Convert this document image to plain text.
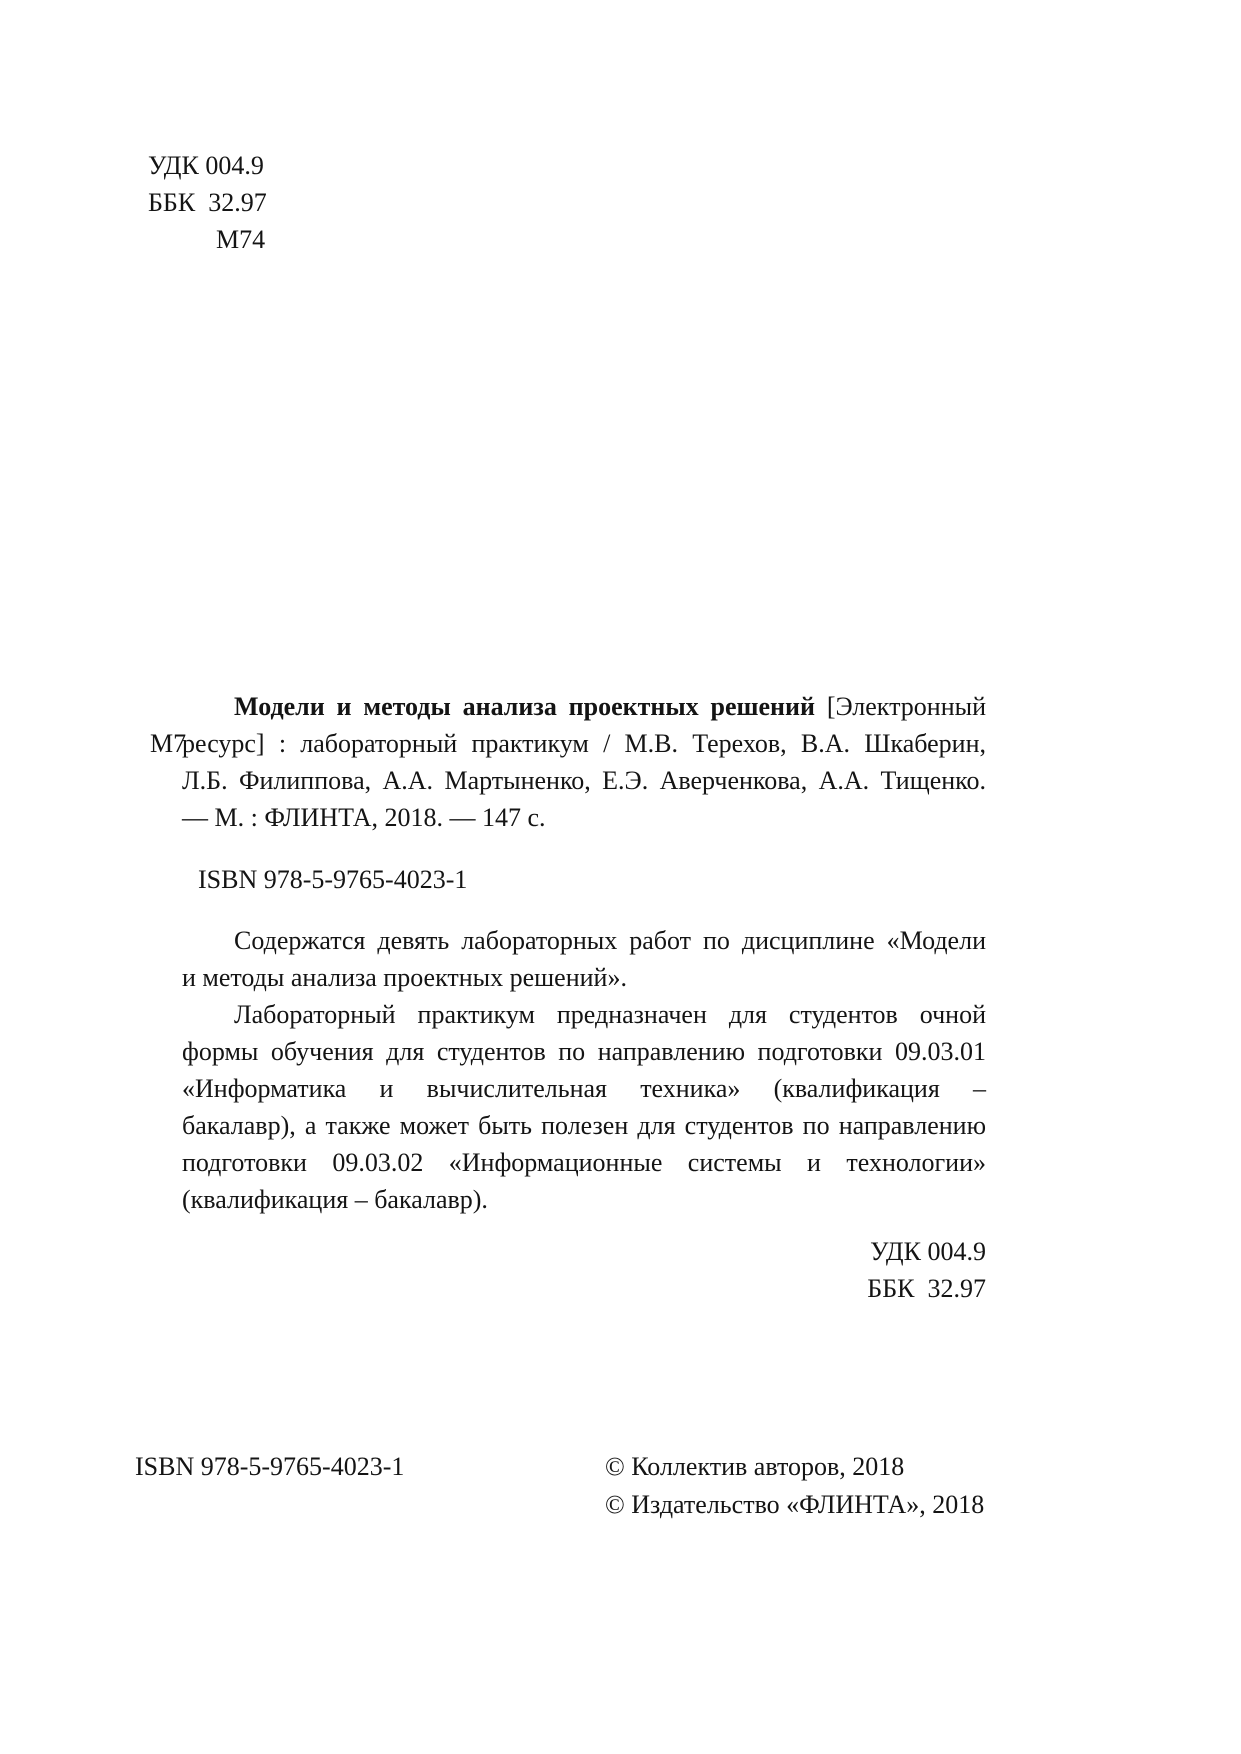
УДК 004.9
ББК  32.97
М74
М7
Модели и методы анализа проектных решений [Электронный
ресурс] : лабораторный практикум / М.В. Терехов, В.А. Шкаберин,
Л.Б. Филиппова, А.А. Мартыненко, Е.Э. Аверченкова, А.А. Тищенко.
— М. : ФЛИНТА, 2018. — 147 с.
ISBN 978-5-9765-4023-1
Содержатся девять лабораторных работ по дисциплине «Модели
и методы анализа проектных решений».
Лабораторный практикум предназначен для студентов очной
формы обучения для студентов по направлению подготовки 09.03.01
«Информатика и вычислительная техника» (квалификация –
бакалавр), а также может быть полезен для студентов по направлению
подготовки 09.03.02 «Информационные системы и технологии»
(квалификация – бакалавр).
УДК 004.9
ББК  32.97
ISBN 978-5-9765-4023-1	© Коллектив авторов, 2018
© Издательство «ФЛИНТА», 2018
